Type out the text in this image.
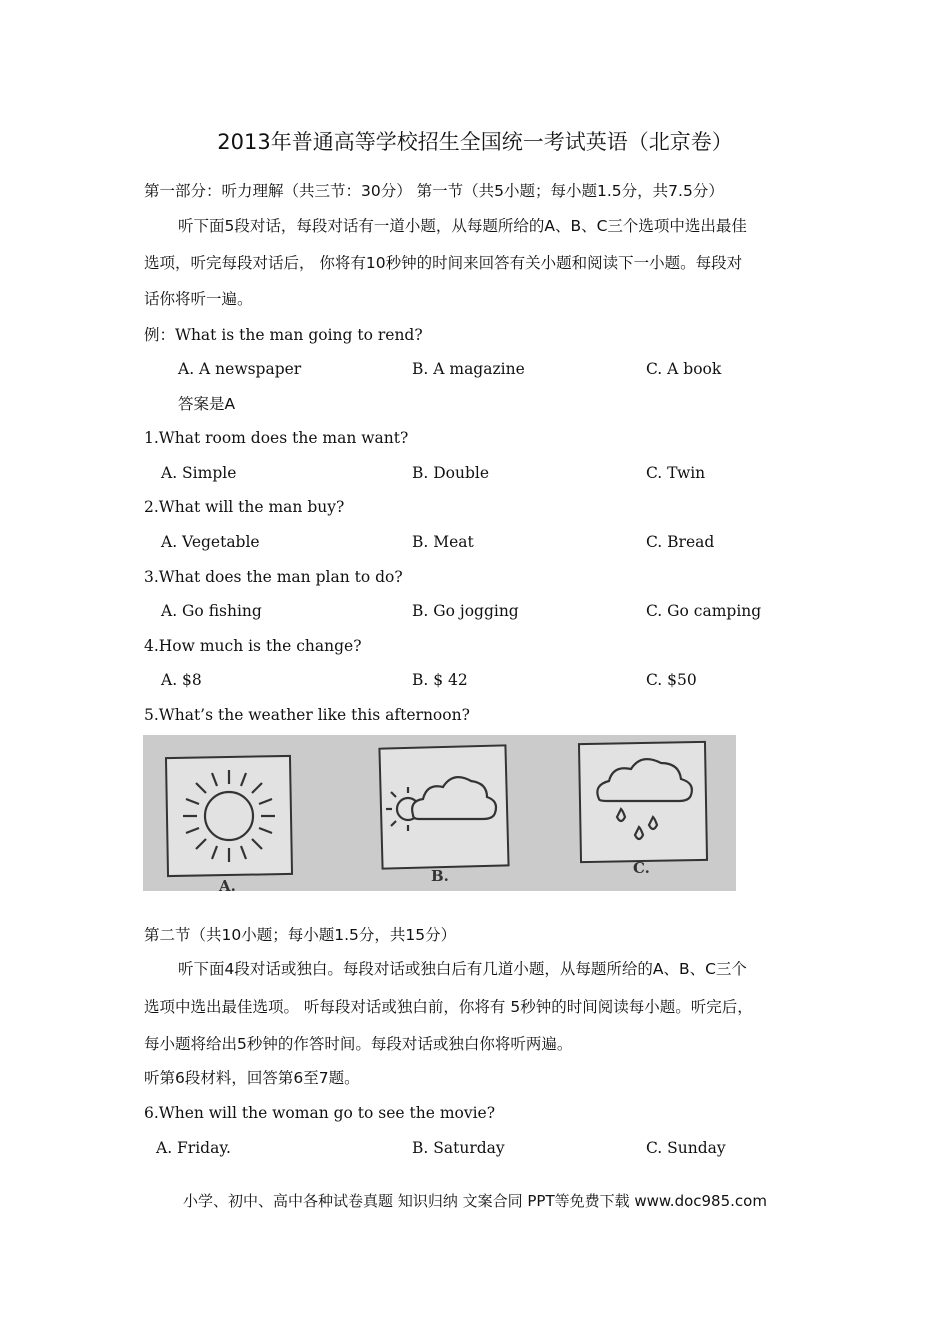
2013年普通高等学校招生全国统一考试英语（北京卷）
第一部分：听力理解（共三节：30分） 第一节（共5小题；每小题1.5分，共7.5分）
听下面5段对话，每段对话有一道小题，从每题所给的A、B、C三个选项中选出最佳
选项，听完每段对话后， 你将有10秒钟的时间来回答有关小题和阅读下一小题。每段对
话你将听一遍。
例：What is the man going to rend?
A. A newspaper	B. A magazine	C. A book
答案是A
1.What room does the man want?
A. Simple	B. Double	C. Twin
2.What will the man buy?
A. Vegetable	B. Meat	C. Bread
3.What does the man plan to do?
A. Go fishing	B. Go jogging	C. Go camping
4.How much is the change?
A. $8	B. $ 42	C. $50
5.What’s the weather like this afternoon?
A.
B.	C.
第二节（共10小题；每小题1.5分，共15分）
听下面4段对话或独白。每段对话或独白后有几道小题，从每题所给的A、B、C三个
选项中选出最佳选项。 听每段对话或独白前，你将有 5秒钟的时间阅读每小题。听完后，
每小题将给出5秒钟的作答时间。每段对话或独白你将听两遍。
听第6段材料，回答第6至7题。
6.When will the woman go to see the movie?
A. Friday.	B. Saturday	C. Sunday
小学、初中、高中各种试卷真题 知识归纳 文案合同 PPT等免费下载 www.doc985.com
